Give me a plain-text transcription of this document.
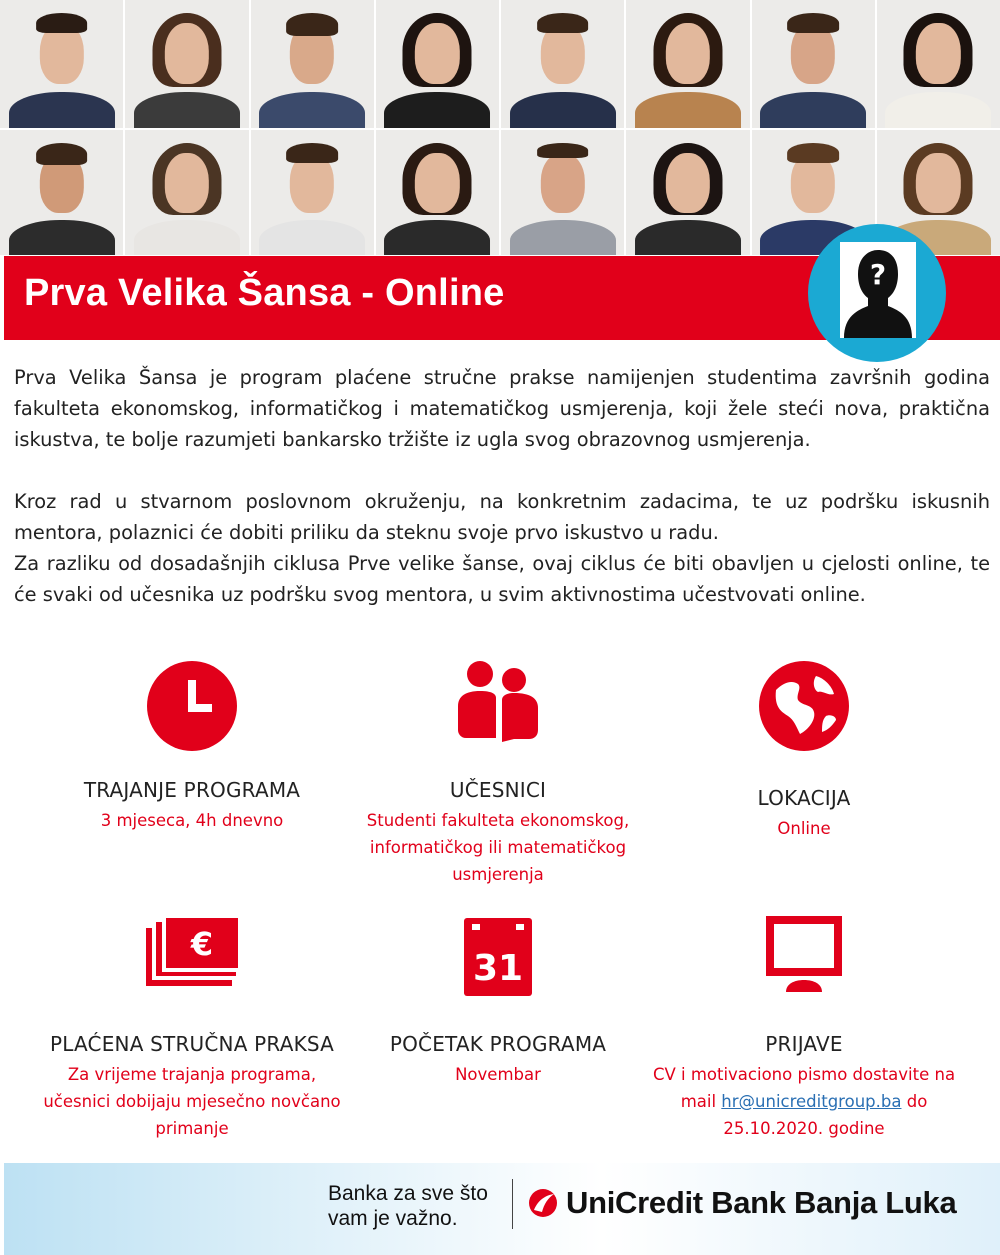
Prva Velika Šansa - Online	?

Prva Velika Šansa je program plaćene stručne prakse namijenjen studentima završnih godina fakulteta ekonomskog, informatičkog i matematičkog usmjerenja, koji žele steći nova, praktična iskustva, te bolje razumjeti bankarsko tržište iz ugla svog obrazovnog usmjerenja.

Kroz rad u stvarnom poslovnom okruženju, na konkretnim zadacima, te uz podršku iskusnih mentora, polaznici će dobiti priliku da steknu svoje prvo iskustvo u radu.

Za razliku od dosadašnjih ciklusa Prve velike šanse, ovaj ciklus će biti obavljen u cjelosti online, te će svaki od učesnika uz podršku svog mentora, u svim aktivnostima učestvovati online.

TRAJANJE PROGRAMA
3 mjeseca, 4h dnevno
UČESNICI
Studenti fakulteta ekonomskog, informatičkog ili matematičkog usmjerenja
LOKACIJA
Online
€
PLAĆENA STRUČNA PRAKSA
Za vrijeme trajanja programa, učesnici dobijaju mjesečno novčano primanje
31
POČETAK PROGRAMA
Novembar
PRIJAVE
CV i motivaciono pismo dostavite na mail hr@unicreditgroup.ba do 25.10.2020. godine
Banka za sve što
vam je važno.	UniCredit Bank Banja Luka
